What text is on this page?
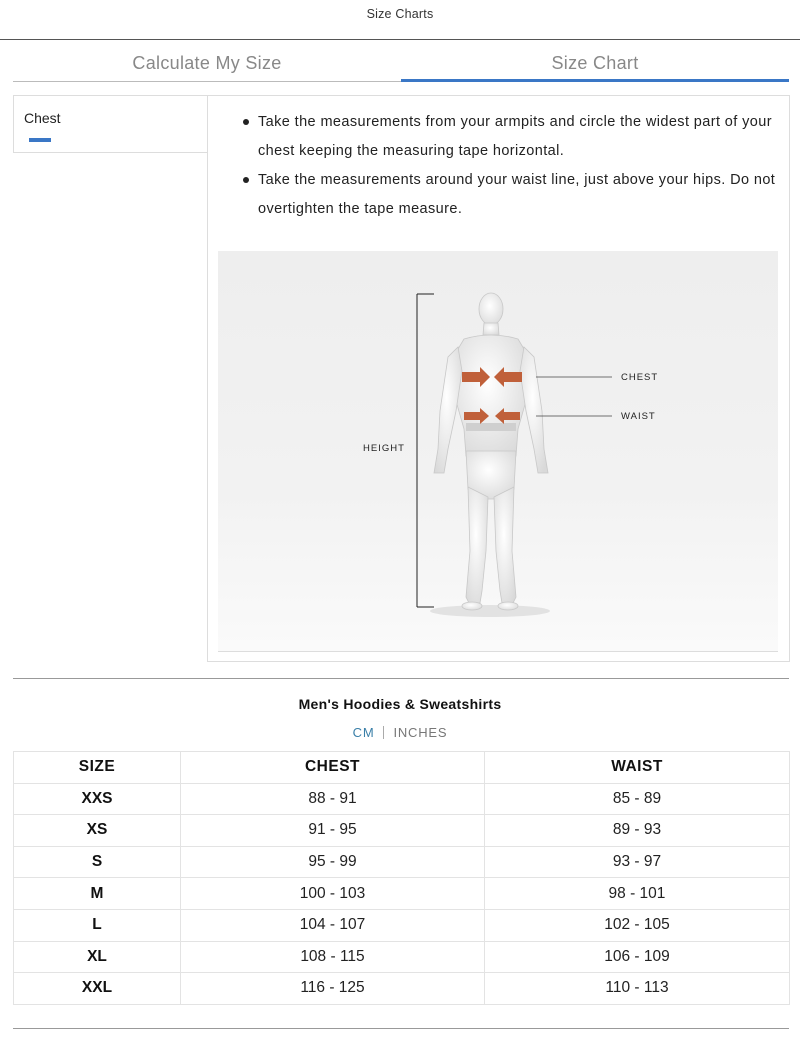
Size Charts
Calculate My Size	Size Chart
Chest	Take the measurements from your armpits and circle the widest part of your chest keeping the measuring tape horizontal.
Take the measurements around your waist line, just above your hips. Do not overtighten the tape measure.
HEIGHT
CHEST
WAIST
Men's Hoodies & Sweatshirts
CM INCHES
SIZE	CHEST	WAIST
XXS	88 - 91	85 - 89
XS	91 - 95	89 - 93
S	95 - 99	93 - 97
M	100 - 103	98 - 101
L	104 - 107	102 - 105
XL	108 - 115	106 - 109
XXL	116 - 125	110 - 113
